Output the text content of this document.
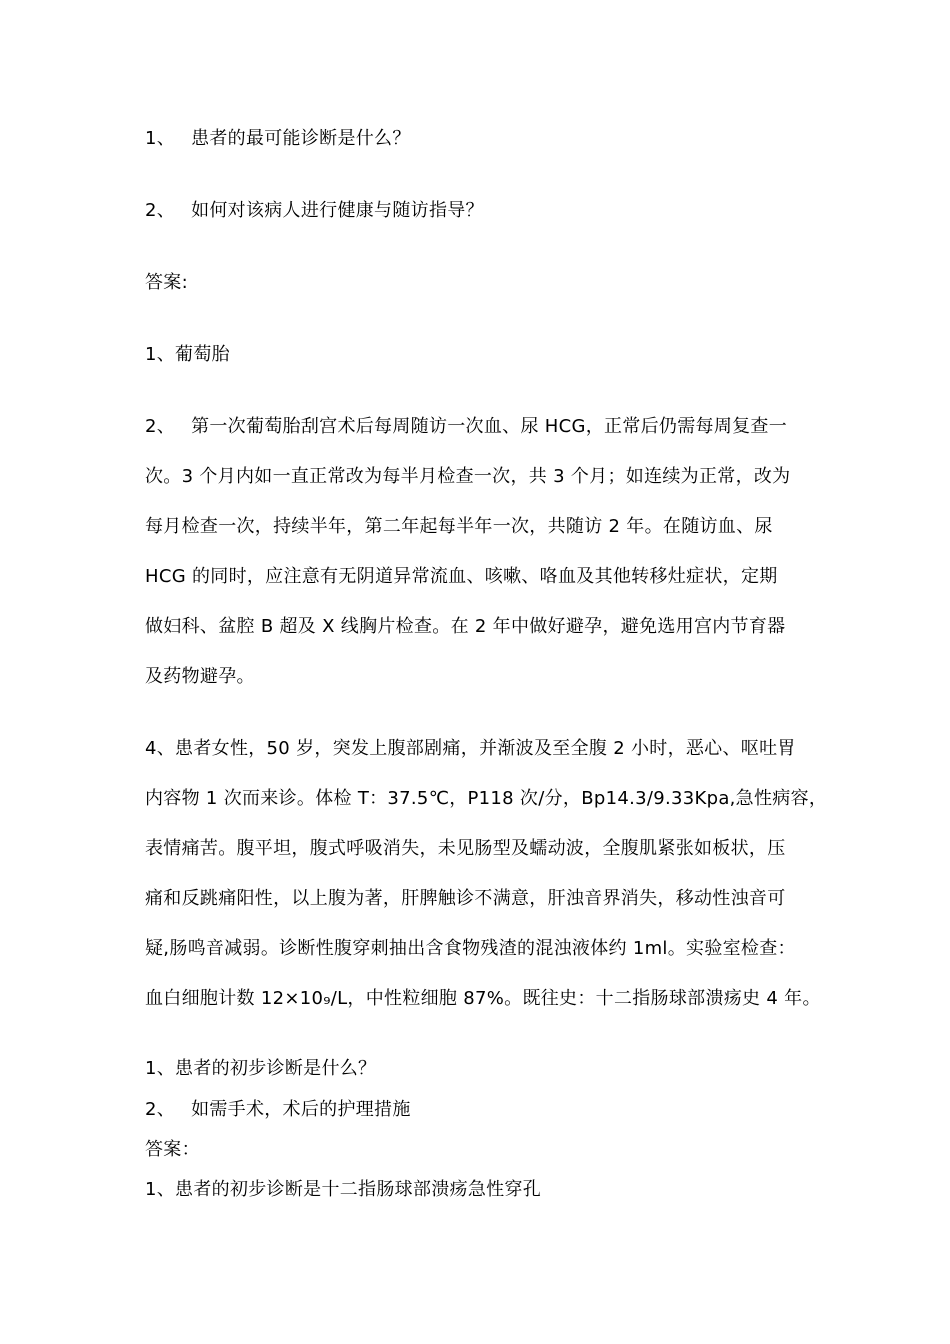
1、 患者的最可能诊断是什么？
2、 如何对该病人进行健康与随访指导？
答案:
1、葡萄胎
2、 第一次葡萄胎刮宫术后每周随访一次血、尿 HCG，正常后仍需每周复查一
次。3 个月内如一直正常改为每半月检查一次，共 3 个月；如连续为正常，改为
每月检查一次，持续半年，第二年起每半年一次，共随访 2 年。在随访血、尿
HCG 的同时，应注意有无阴道异常流血、咳嗽、咯血及其他转移灶症状，定期
做妇科、盆腔 B 超及 X 线胸片检查。在 2 年中做好避孕，避免选用宫内节育器
及药物避孕。
4、患者女性，50 岁，突发上腹部剧痛，并渐波及至全腹 2 小时，恶心、呕吐胃
内容物 1 次而来诊。体检 T：37.5℃，P118 次/分，Bp14.3/9.33Kpa,急性病容，
表情痛苦。腹平坦，腹式呼吸消失，未见肠型及蠕动波，全腹肌紧张如板状，压
痛和反跳痛阳性，以上腹为著，肝脾触诊不满意，肝浊音界消失，移动性浊音可
疑,肠鸣音减弱。诊断性腹穿刺抽出含食物残渣的混浊液体约 1ml。实验室检查：
血白细胞计数 12×10₉/L，中性粒细胞 87%。既往史：十二指肠球部溃疡史 4 年。
1、患者的初步诊断是什么？
2、 如需手术，术后的护理措施
答案：
1、患者的初步诊断是十二指肠球部溃疡急性穿孔
